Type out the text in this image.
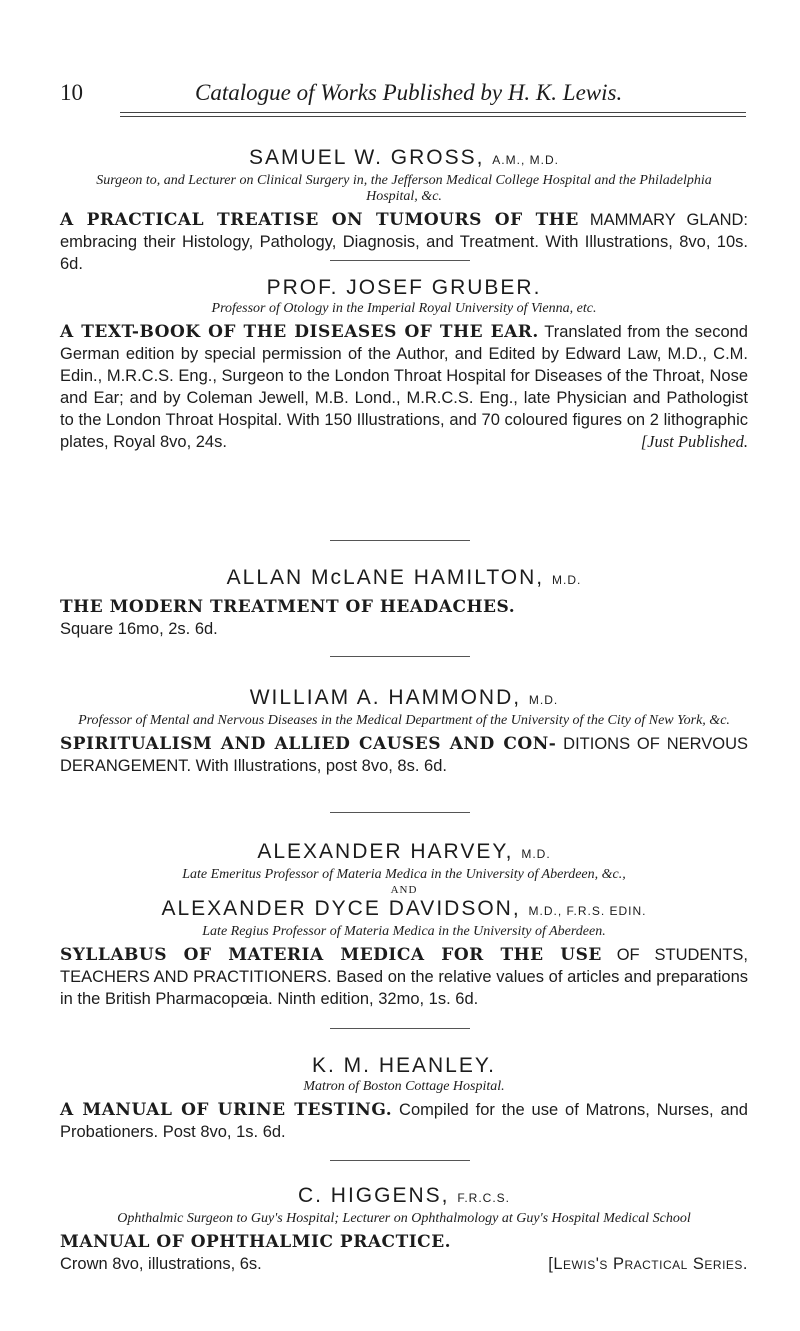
10	Catalogue of Works Published by H. K. Lewis.

SAMUEL W. GROSS, A.M., M.D.

Surgeon to, and Lecturer on Clinical Surgery in, the Jefferson Medical College Hospital and the Philadelphia Hospital, &c.

A PRACTICAL TREATISE ON TUMOURS OF THE MAMMARY GLAND: embracing their Histology, Pathology, Diagnosis, and Treatment. With Illustrations, 8vo, 10s. 6d.

PROF. JOSEF GRUBER.

Professor of Otology in the Imperial Royal University of Vienna, etc.

A TEXT-BOOK OF THE DISEASES OF THE EAR. Translated from the second German edition by special permission of the Author, and Edited by Edward Law, M.D., C.M. Edin., M.R.C.S. Eng., Surgeon to the London Throat Hospital for Diseases of the Throat, Nose and Ear; and by Coleman Jewell, M.B. Lond., M.R.C.S. Eng., late Physician and Pathologist to the London Throat Hospital. With 150 Illustrations, and 70 coloured figures on 2 lithographic plates, Royal 8vo, 24s.	[Just Published.

ALLAN McLANE HAMILTON, M.D.

THE MODERN TREATMENT OF HEADACHES.
Square 16mo, 2s. 6d.

WILLIAM A. HAMMOND, M.D.

Professor of Mental and Nervous Diseases in the Medical Department of the University of the City of New York, &c.

SPIRITUALISM AND ALLIED CAUSES AND CON- DITIONS OF NERVOUS DERANGEMENT. With Illustrations, post 8vo, 8s. 6d.

ALEXANDER HARVEY, M.D.

Late Emeritus Professor of Materia Medica in the University of Aberdeen, &c.,

AND

ALEXANDER DYCE DAVIDSON, M.D., F.R.S. EDIN.

Late Regius Professor of Materia Medica in the University of Aberdeen.

SYLLABUS OF MATERIA MEDICA FOR THE USE OF STUDENTS, TEACHERS AND PRACTITIONERS. Based on the relative values of articles and preparations in the British Pharmacopœia. Ninth edition, 32mo, 1s. 6d.

K. M. HEANLEY.

Matron of Boston Cottage Hospital.

A MANUAL OF URINE TESTING. Compiled for the use of Matrons, Nurses, and Probationers. Post 8vo, 1s. 6d.

C. HIGGENS, F.R.C.S.

Ophthalmic Surgeon to Guy's Hospital; Lecturer on Ophthalmology at Guy's Hospital Medical School

MANUAL OF OPHTHALMIC PRACTICE.
Crown 8vo, illustrations, 6s.	[Lewis's Practical Series.
